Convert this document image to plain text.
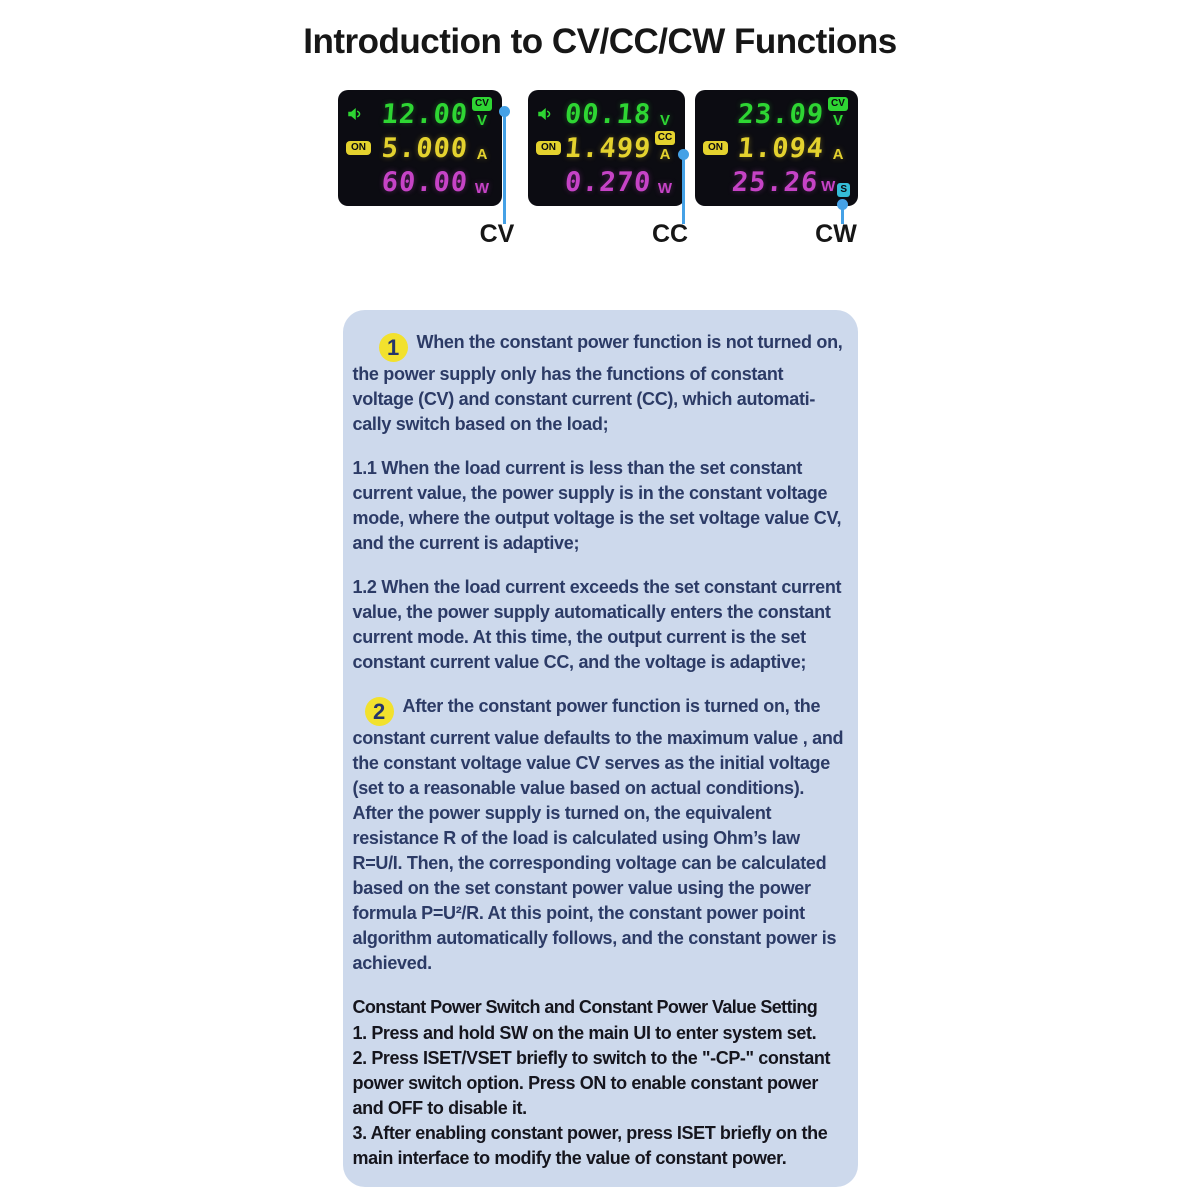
Introduction to CV/CC/CW Functions
12.00 CV
V
ON 5.000 A
60.00 W
00.18 V
ON 1.499 CC
A
0.270 W
23.09 CV
V
ON 1.094 A
25.26 W S
CV	CC	CW

1 When the constant power function is not turned on, the power supply only has the functions of constant voltage (CV) and constant current (CC), which automati-cally switch based on the load;

1.1 When the load current is less than the set constant current value, the power supply is in the constant voltage mode, where the output voltage is the set voltage value CV, and the current is adaptive;

1.2 When the load current exceeds the set constant current value, the power supply automatically enters the constant current mode. At this time, the output current is the set constant current value CC, and the voltage is adaptive;

2 After the constant power function is turned on, the constant current value defaults to the maximum value , and the constant voltage value CV serves as the initial voltage (set to a reasonable value based on actual conditions). After the power supply is turned on, the equivalent resistance R of the load is calculated using Ohm’s law R=U/I. Then, the corresponding voltage can be calculated based on the set constant power value using the power formula P=U²/R. At this point, the constant power point algorithm automatically follows, and the constant power is achieved.

Constant Power Switch and Constant Power Value Setting

1. Press and hold SW on the main UI to enter system set.

2. Press ISET/VSET briefly to switch to the "-CP-" constant power switch option. Press ON to enable constant power and OFF to disable it.

3. After enabling constant power, press ISET briefly on the main interface to modify the value of constant power.
